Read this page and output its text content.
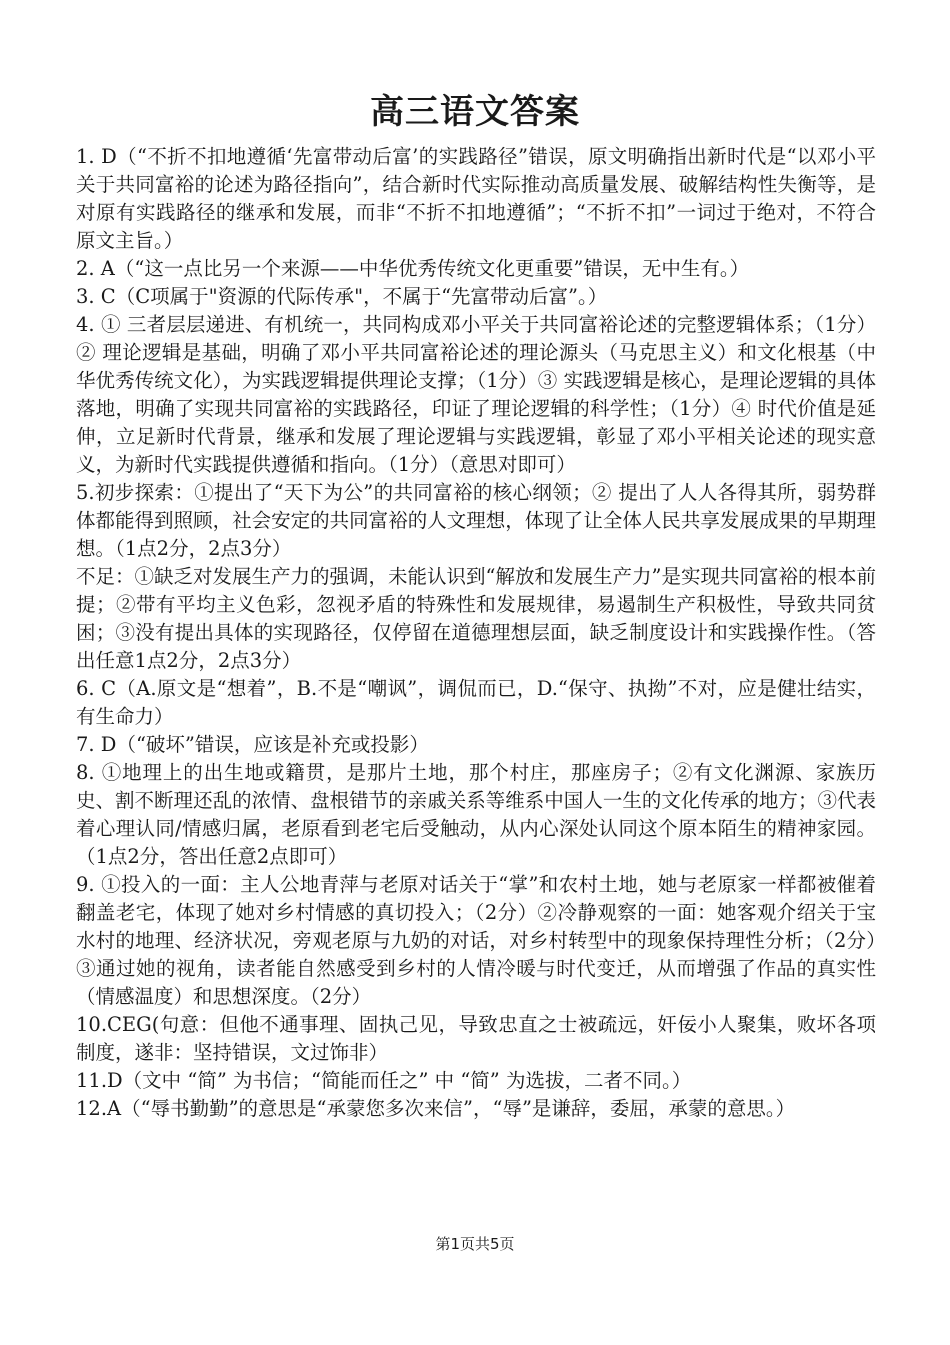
高三语文答案

1. D（“不折不扣地遵循‘先富带动后富’的实践路径”错误，原文明确指出新时代是“以邓小平关于共同富裕的论述为路径指向”，结合新时代实际推动高质量发展、破解结构性失衡等，是对原有实践路径的继承和发展，而非“不折不扣地遵循”；“不折不扣”一词过于绝对，不符合原文主旨。）

2. A（“这一点比另一个来源——中华优秀传统文化更重要”错误，无中生有。）

3. C（C项属于"资源的代际传承"，不属于“先富带动后富”。）

4. ① 三者层层递进、有机统一，共同构成邓小平关于共同富裕论述的完整逻辑体系；（1分）② 理论逻辑是基础，明确了邓小平共同富裕论述的理论源头（马克思主义）和文化根基（中华优秀传统文化），为实践逻辑提供理论支撑；（1分）③ 实践逻辑是核心，是理论逻辑的具体落地，明确了实现共同富裕的实践路径，印证了理论逻辑的科学性；（1分）④ 时代价值是延伸，立足新时代背景，继承和发展了理论逻辑与实践逻辑，彰显了邓小平相关论述的现实意义，为新时代实践提供遵循和指向。（1分）（意思对即可）

5.初步探索：①提出了“天下为公”的共同富裕的核心纲领；② 提出了人人各得其所，弱势群体都能得到照顾，社会安定的共同富裕的人文理想，体现了让全体人民共享发展成果的早期理想。（1点2分，2点3分）

不足：①缺乏对发展生产力的强调，未能认识到“解放和发展生产力”是实现共同富裕的根本前提；②带有平均主义色彩，忽视矛盾的特殊性和发展规律，易遏制生产积极性，导致共同贫困；③没有提出具体的实现路径，仅停留在道德理想层面，缺乏制度设计和实践操作性。（答出任意1点2分，2点3分）

6. C（A.原文是“想着”，B.不是“嘲讽”，调侃而已，D.“保守、执拗”不对，应是健壮结实，有生命力）

7. D（“破坏”错误，应该是补充或投影）

8. ①地理上的出生地或籍贯，是那片土地，那个村庄，那座房子；②有文化渊源、家族历史、割不断理还乱的浓情、盘根错节的亲戚关系等维系中国人一生的文化传承的地方；③代表着心理认同/情感归属，老原看到老宅后受触动，从内心深处认同这个原本陌生的精神家园。（1点2分，答出任意2点即可）

9. ①投入的一面：主人公地青萍与老原对话关于“掌”和农村土地，她与老原家一样都被催着翻盖老宅，体现了她对乡村情感的真切投入；（2分）②冷静观察的一面：她客观介绍关于宝水村的地理、经济状况，旁观老原与九奶的对话，对乡村转型中的现象保持理性分析；（2分）③通过她的视角，读者能自然感受到乡村的人情冷暖与时代变迁，从而增强了作品的真实性（情感温度）和思想深度。（2分）

10.CEG(句意：但他不通事理、固执己见，导致忠直之士被疏远，奸佞小人聚集，败坏各项制度，遂非：坚持错误，文过饰非）

11.D（文中 “简” 为书信；“简能而任之” 中 “简” 为选拔，二者不同。）

12.A（“辱书勤勤”的意思是“承蒙您多次来信”，“辱”是谦辞，委屈，承蒙的意思。）

第1页共5页
